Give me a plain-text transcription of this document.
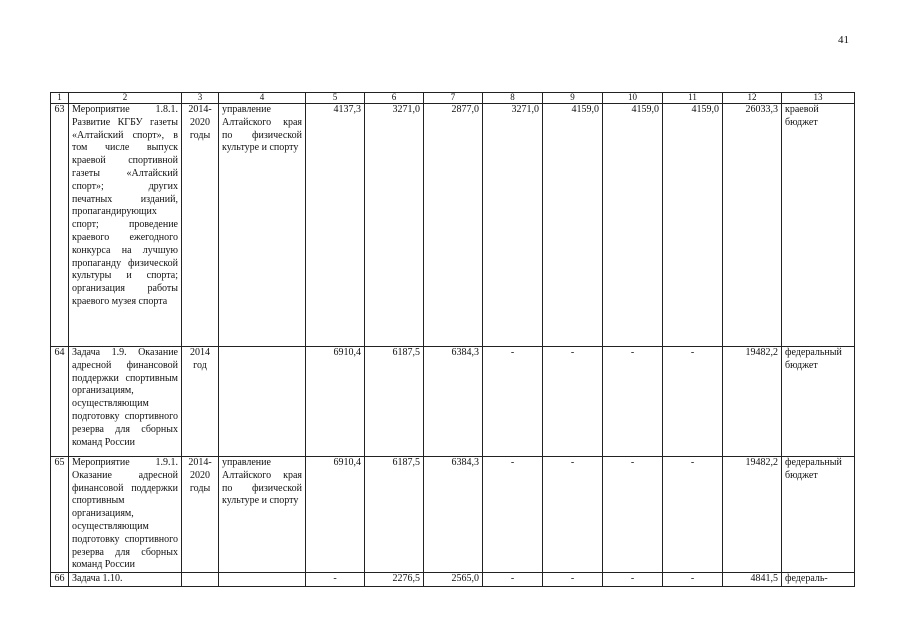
41
1	2	3	4	5	6	7	8	9	10	11	12	13
63	Мероприятие 1.8.1. Развитие КГБУ газеты «Алтайский спорт», в том числе выпуск краевой спортивной газеты «Алтайский спорт»; других печатных изданий, пропагандирующих спорт; проведение краевого ежегодного конкурса на лучшую пропаганду физической культуры и спорта; организация работы краевого музея спорта	2014-2020 годы	управление Алтайского края по физической культуре и спорту	4137,3	3271,0	2877,0	3271,0	4159,0	4159,0	4159,0	26033,3	краевой бюджет
64	Задача 1.9. Оказание адресной финансовой поддержки спортивным организациям, осуществляющим подготовку спортивного резерва для сборных команд России	2014 год		6910,4	6187,5	6384,3	-	-	-	-	19482,2	федеральный бюджет
65	Мероприятие 1.9.1. Оказание адресной финансовой поддержки спортивным организациям, осуществляющим подготовку спортивного резерва для сборных команд России	2014-2020 годы	управление Алтайского края по физической культуре и спорту	6910,4	6187,5	6384,3	-	-	-	-	19482,2	федеральный бюджет
66	Задача 1.10.			-	2276,5	2565,0	-	-	-	-	4841,5	федераль-
